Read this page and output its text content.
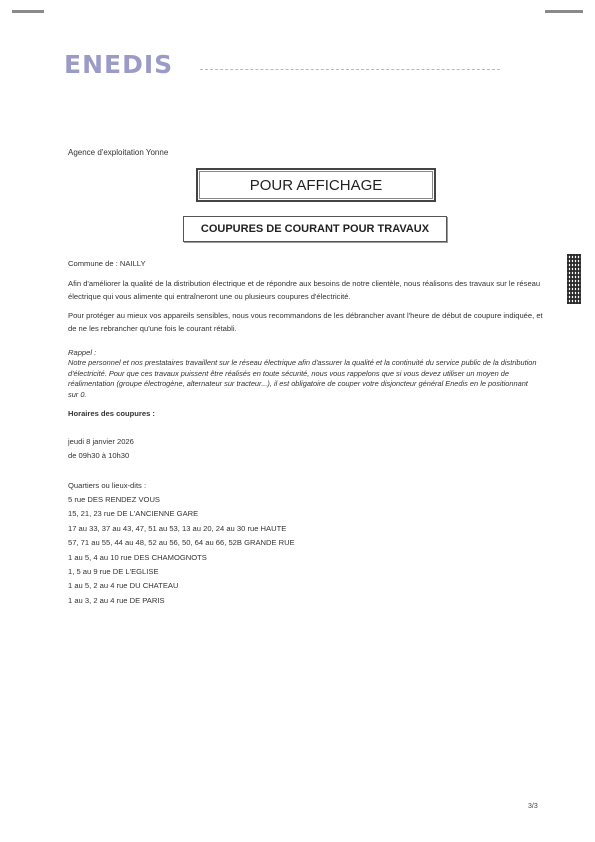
ENEDIS
Agence d'exploitation Yonne
POUR AFFICHAGE
COUPURES DE COURANT POUR TRAVAUX
Commune de : NAILLY
Afin d'améliorer la qualité de la distribution électrique et de répondre aux besoins de notre clientèle, nous réalisons des travaux sur le réseau électrique qui vous alimente qui entraîneront une ou plusieurs coupures d'électricité.
Pour protéger au mieux vos appareils sensibles, nous vous recommandons de les débrancher avant l'heure de début de coupure indiquée, et de ne les rebrancher qu'une fois le courant rétabli.
Rappel :
Notre personnel et nos prestataires travaillent sur le réseau électrique afin d'assurer la qualité et la continuité du service public de la distribution d'électricité. Pour que ces travaux puissent être réalisés en toute sécurité, nous vous rappelons que si vous devez utiliser un moyen de réalimentation (groupe électrogène, alternateur sur tracteur...), il est obligatoire de couper votre disjoncteur général Enedis en le positionnant sur 0.
Horaires des coupures :
jeudi 8 janvier 2026
de 09h30 à 10h30
Quartiers ou lieux-dits :
5 rue DES RENDEZ VOUS
15, 21, 23 rue DE L'ANCIENNE GARE
17 au 33, 37 au 43, 47, 51 au 53, 13 au 20, 24 au 30 rue HAUTE
57, 71 au 55, 44 au 48, 52 au 56, 50, 64 au 66, 52B GRANDE RUE
1 au 5, 4 au 10 rue DES CHAMOGNOTS
1, 5 au 9 rue DE L'EGLISE
1 au 5, 2 au 4 rue DU CHATEAU
1 au 3, 2 au 4 rue DE PARIS
3/3
